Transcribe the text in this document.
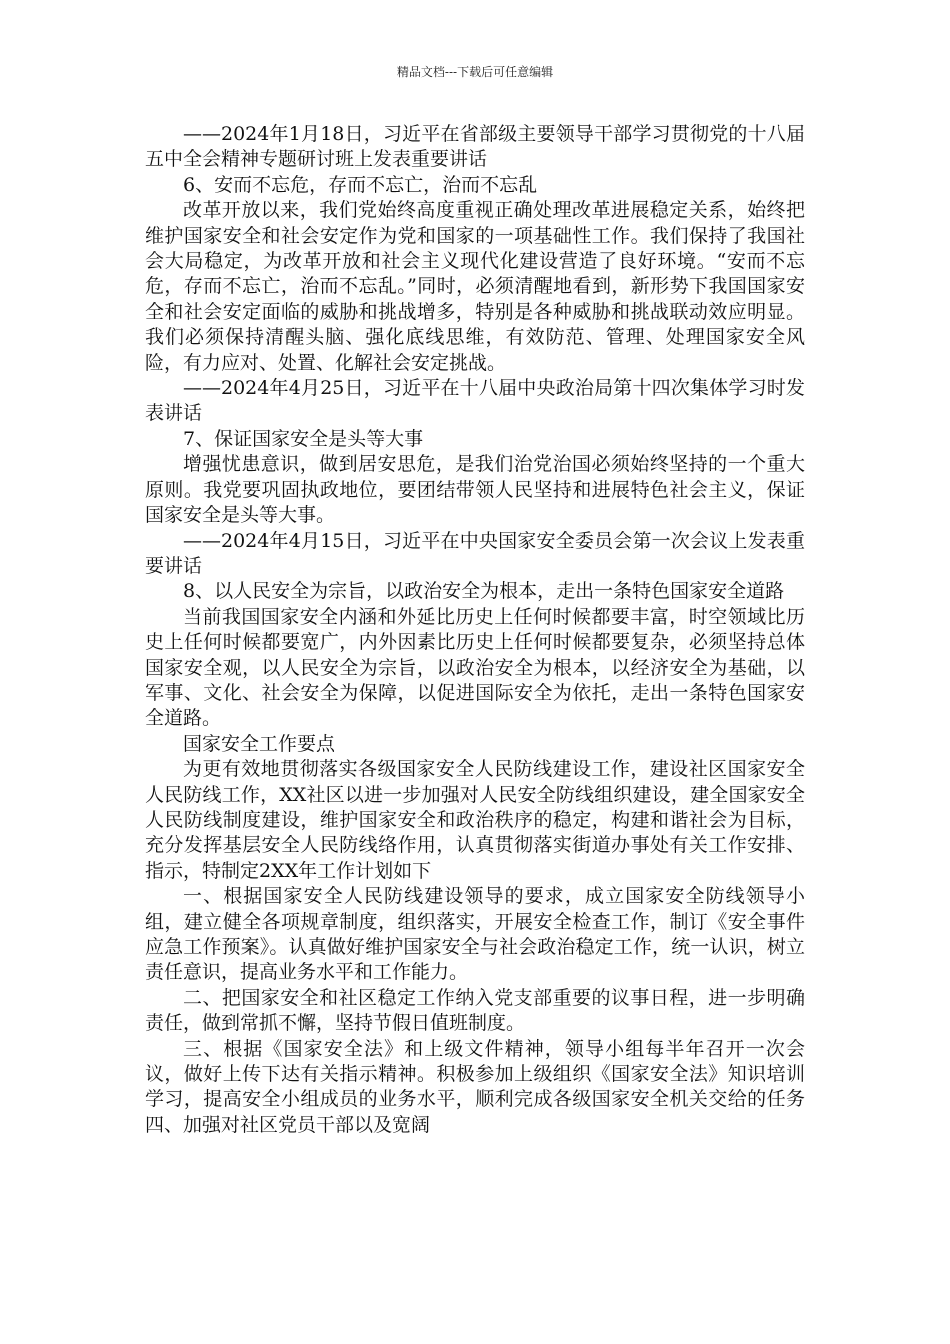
精品文档---下载后可任意编辑

——2024年1月18日，习近平在省部级主要领导干部学习贯彻党的十八届五中全会精神专题研讨班上发表重要讲话

6、安而不忘危，存而不忘亡，治而不忘乱

改革开放以来，我们党始终高度重视正确处理改革进展稳定关系，始终把维护国家安全和社会安定作为党和国家的一项基础性工作。我们保持了我国社会大局稳定，为改革开放和社会主义现代化建设营造了良好环境。“安而不忘危，存而不忘亡，治而不忘乱。”同时，必须清醒地看到，新形势下我国国家安全和社会安定面临的威胁和挑战增多，特别是各种威胁和挑战联动效应明显。我们必须保持清醒头脑、强化底线思维，有效防范、管理、处理国家安全风险，有力应对、处置、化解社会安定挑战。

——2024年4月25日，习近平在十八届中央政治局第十四次集体学习时发表讲话

7、保证国家安全是头等大事

增强忧患意识，做到居安思危，是我们治党治国必须始终坚持的一个重大原则。我党要巩固执政地位，要团结带领人民坚持和进展特色社会主义，保证国家安全是头等大事。

——2024年4月15日，习近平在中央国家安全委员会第一次会议上发表重要讲话

8、以人民安全为宗旨，以政治安全为根本，走出一条特色国家安全道路

当前我国国家安全内涵和外延比历史上任何时候都要丰富，时空领域比历史上任何时候都要宽广，内外因素比历史上任何时候都要复杂，必须坚持总体国家安全观，以人民安全为宗旨，以政治安全为根本，以经济安全为基础，以军事、文化、社会安全为保障，以促进国际安全为依托，走出一条特色国家安全道路。

国家安全工作要点

为更有效地贯彻落实各级国家安全人民防线建设工作，建设社区国家安全人民防线工作，XX社区以进一步加强对人民安全防线组织建设，建全国家安全人民防线制度建设，维护国家安全和政治秩序的稳定，构建和谐社会为目标，充分发挥基层安全人民防线络作用，认真贯彻落实街道办事处有关工作安排、指示，特制定2XX年工作计划如下

一、根据国家安全人民防线建设领导的要求，成立国家安全防线领导小组，建立健全各项规章制度，组织落实，开展安全检查工作，制订《安全事件应急工作预案》。认真做好维护国家安全与社会政治稳定工作，统一认识，树立责任意识，提高业务水平和工作能力。

二、把国家安全和社区稳定工作纳入党支部重要的议事日程，进一步明确责任，做到常抓不懈，坚持节假日值班制度。

三、根据《国家安全法》和上级文件精神，领导小组每半年召开一次会议，做好上传下达有关指示精神。积极参加上级组织《国家安全法》知识培训学习，提高安全小组成员的业务水平，顺利完成各级国家安全机关交给的任务四、加强对社区党员干部以及宽阔
